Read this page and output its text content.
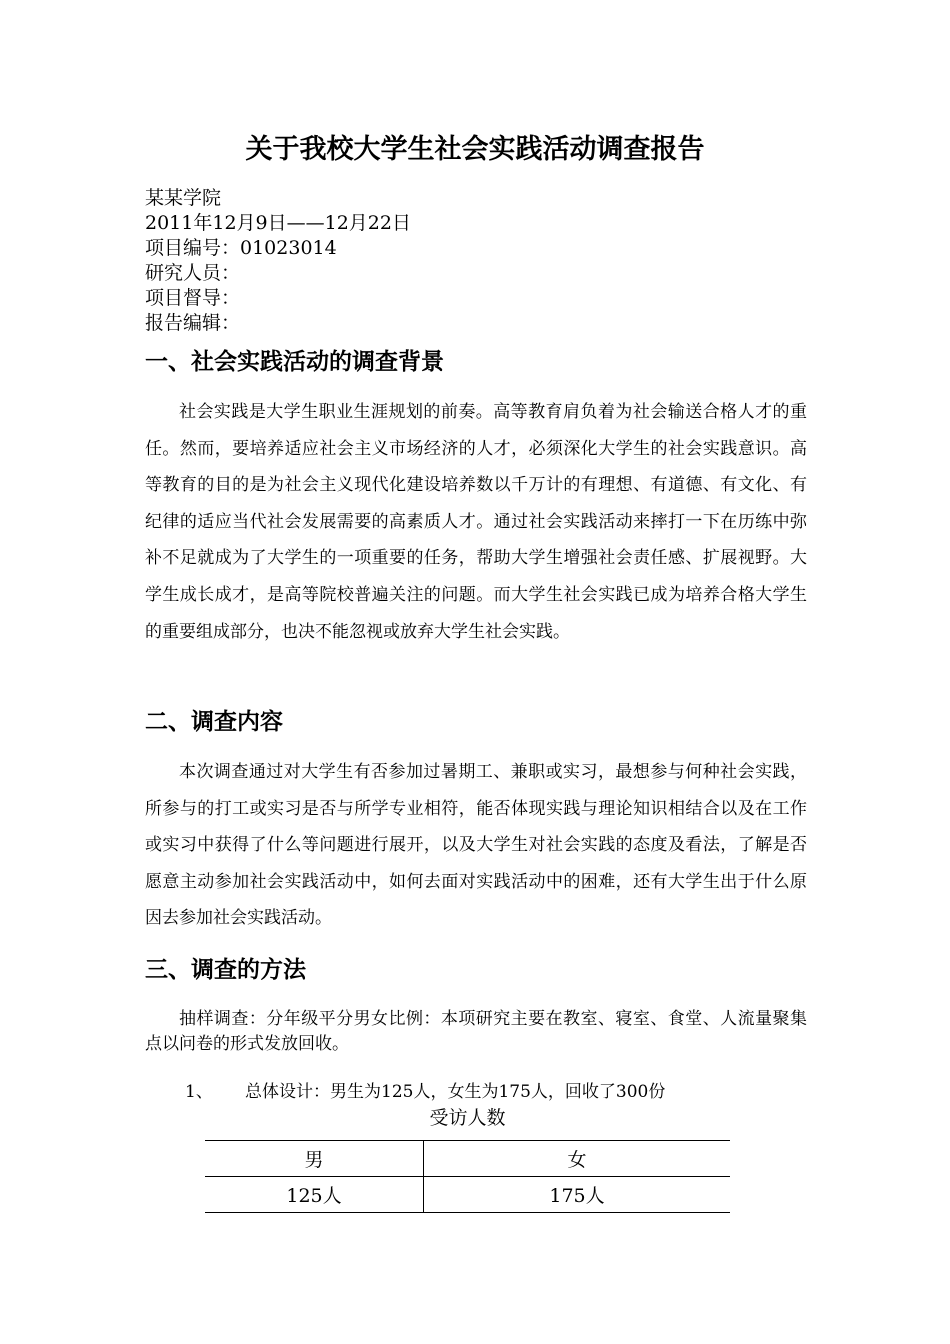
关于我校大学生社会实践活动调查报告
某某学院
2011年12月9日——12月22日
项目编号：01023014
研究人员：
项目督导：
报告编辑：
一、社会实践活动的调查背景

社会实践是大学生职业生涯规划的前奏。高等教育肩负着为社会输送合格人才的重任。然而，要培养适应社会主义市场经济的人才，必须深化大学生的社会实践意识。高等教育的目的是为社会主义现代化建设培养数以千万计的有理想、有道德、有文化、有纪律的适应当代社会发展需要的高素质人才。通过社会实践活动来摔打一下在历练中弥补不足就成为了大学生的一项重要的任务，帮助大学生增强社会责任感、扩展视野。大学生成长成才，是高等院校普遍关注的问题。而大学生社会实践已成为培养合格大学生的重要组成部分，也决不能忽视或放弃大学生社会实践。

二、调查内容

本次调查通过对大学生有否参加过暑期工、兼职或实习，最想参与何种社会实践，所参与的打工或实习是否与所学专业相符，能否体现实践与理论知识相结合以及在工作或实习中获得了什么等问题进行展开，以及大学生对社会实践的态度及看法，了解是否愿意主动参加社会实践活动中，如何去面对实践活动中的困难，还有大学生出于什么原因去参加社会实践活动。

三、调查的方法

抽样调查：分年级平分男女比例：本项研究主要在教室、寝室、食堂、人流量聚集点以问卷的形式发放回收。

1、 总体设计：男生为125人，女生为175人，回收了300份
受访人数
男	女
125人	175人
